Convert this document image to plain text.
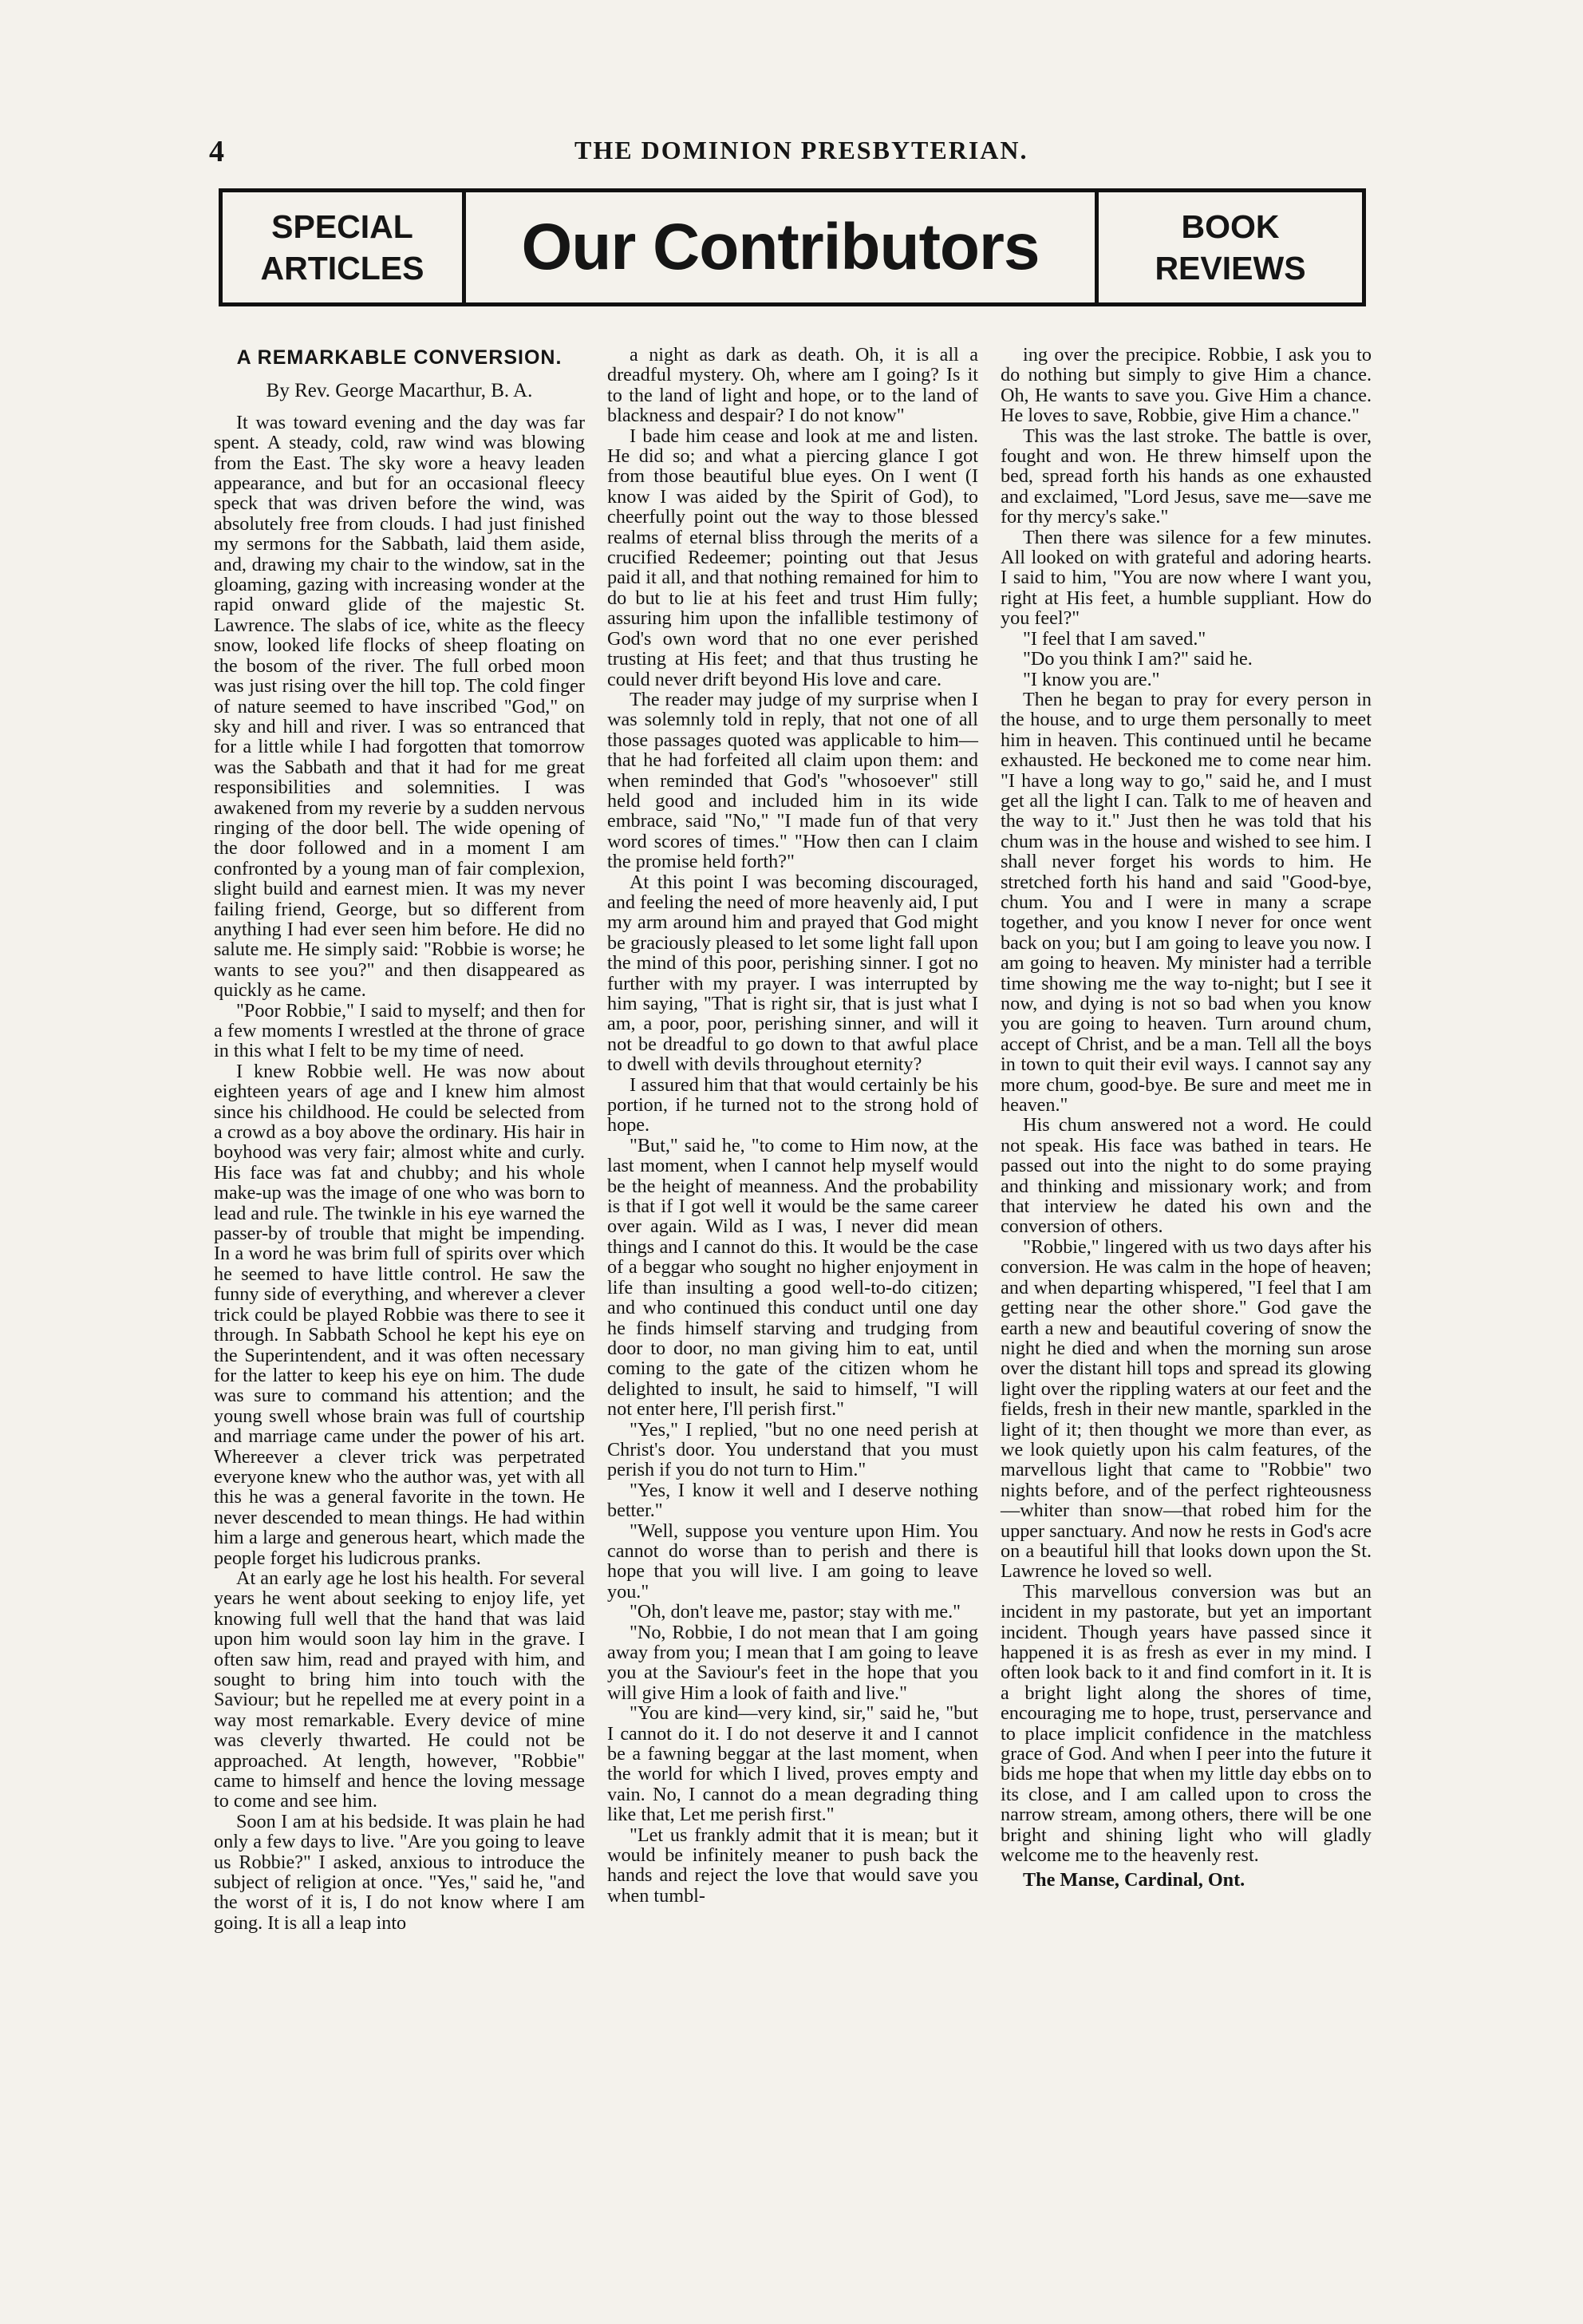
4	THE DOMINION PRESBYTERIAN.
SPECIAL
ARTICLES	Our Contributors	BOOK
REVIEWS
A REMARKABLE CONVERSION.
By Rev. George Macarthur, B. A.

It was toward evening and the day was far spent. A steady, cold, raw wind was blowing from the East. The sky wore a heavy leaden appearance, and but for an occasional fleecy speck that was driven before the wind, was absolutely free from clouds. I had just finished my sermons for the Sabbath, laid them aside, and, drawing my chair to the window, sat in the gloaming, gazing with increasing wonder at the rapid onward glide of the majestic St. Lawrence. The slabs of ice, white as the fleecy snow, looked life flocks of sheep floating on the bosom of the river. The full orbed moon was just rising over the hill top. The cold finger of nature seemed to have inscribed "God," on sky and hill and river. I was so entranced that for a little while I had forgotten that tomorrow was the Sabbath and that it had for me great responsibilities and solemnities. I was awakened from my reverie by a sudden nervous ringing of the door bell. The wide opening of the door followed and in a moment I am confronted by a young man of fair complexion, slight build and earnest mien. It was my never failing friend, George, but so different from anything I had ever seen him before. He did no salute me. He simply said: "Robbie is worse; he wants to see you?" and then disappeared as quickly as he came.

"Poor Robbie," I said to myself; and then for a few moments I wrestled at the throne of grace in this what I felt to be my time of need.

I knew Robbie well. He was now about eighteen years of age and I knew him almost since his childhood. He could be selected from a crowd as a boy above the ordinary. His hair in boyhood was very fair; almost white and curly. His face was fat and chubby; and his whole make-up was the image of one who was born to lead and rule. The twinkle in his eye warned the passer-by of trouble that might be impending. In a word he was brim full of spirits over which he seemed to have little control. He saw the funny side of everything, and wherever a clever trick could be played Robbie was there to see it through. In Sabbath School he kept his eye on the Superintendent, and it was often necessary for the latter to keep his eye on him. The dude was sure to command his attention; and the young swell whose brain was full of courtship and marriage came under the power of his art. Whereever a clever trick was perpetrated everyone knew who the author was, yet with all this he was a general favorite in the town. He never descended to mean things. He had within him a large and generous heart, which made the people forget his ludicrous pranks.

At an early age he lost his health. For several years he went about seeking to enjoy life, yet knowing full well that the hand that was laid upon him would soon lay him in the grave. I often saw him, read and prayed with him, and sought to bring him into touch with the Saviour; but he repelled me at every point in a way most remarkable. Every device of mine was cleverly thwarted. He could not be approached. At length, however, "Robbie" came to himself and hence the loving message to come and see him.

Soon I am at his bedside. It was plain he had only a few days to live. "Are you going to leave us Robbie?" I asked, anxious to introduce the subject of religion at once. "Yes," said he, "and the worst of it is, I do not know where I am going. It is all a leap into

a night as dark as death. Oh, it is all a dreadful mystery. Oh, where am I going? Is it to the land of light and hope, or to the land of blackness and despair? I do not know"

I bade him cease and look at me and listen. He did so; and what a piercing glance I got from those beautiful blue eyes. On I went (I know I was aided by the Spirit of God), to cheerfully point out the way to those blessed realms of eternal bliss through the merits of a crucified Redeemer; pointing out that Jesus paid it all, and that nothing remained for him to do but to lie at his feet and trust Him fully; assuring him upon the infallible testimony of God's own word that no one ever perished trusting at His feet; and that thus trusting he could never drift beyond His love and care.

The reader may judge of my surprise when I was solemnly told in reply, that not one of all those passages quoted was applicable to him—that he had forfeited all claim upon them: and when reminded that God's "whosoever" still held good and included him in its wide embrace, said "No," "I made fun of that very word scores of times." "How then can I claim the promise held forth?"

At this point I was becoming discouraged, and feeling the need of more heavenly aid, I put my arm around him and prayed that God might be graciously pleased to let some light fall upon the mind of this poor, perishing sinner. I got no further with my prayer. I was interrupted by him saying, "That is right sir, that is just what I am, a poor, poor, perishing sinner, and will it not be dreadful to go down to that awful place to dwell with devils throughout eternity?

I assured him that that would certainly be his portion, if he turned not to the strong hold of hope.

"But," said he, "to come to Him now, at the last moment, when I cannot help myself would be the height of meanness. And the probability is that if I got well it would be the same career over again. Wild as I was, I never did mean things and I cannot do this. It would be the case of a beggar who sought no higher enjoyment in life than insulting a good well-to-do citizen; and who continued this conduct until one day he finds himself starving and trudging from door to door, no man giving him to eat, until coming to the gate of the citizen whom he delighted to insult, he said to himself, "I will not enter here, I'll perish first."

"Yes," I replied, "but no one need perish at Christ's door. You understand that you must perish if you do not turn to Him."

"Yes, I know it well and I deserve nothing better."

"Well, suppose you venture upon Him. You cannot do worse than to perish and there is hope that you will live. I am going to leave you."

"Oh, don't leave me, pastor; stay with me."

"No, Robbie, I do not mean that I am going away from you; I mean that I am going to leave you at the Saviour's feet in the hope that you will give Him a look of faith and live."

"You are kind—very kind, sir," said he, "but I cannot do it. I do not deserve it and I cannot be a fawning beggar at the last moment, when the world for which I lived, proves empty and vain. No, I cannot do a mean degrading thing like that, Let me perish first."

"Let us frankly admit that it is mean; but it would be infinitely meaner to push back the hands and reject the love that would save you when tumbl-

ing over the precipice. Robbie, I ask you to do nothing but simply to give Him a chance. Oh, He wants to save you. Give Him a chance. He loves to save, Robbie, give Him a chance."

This was the last stroke. The battle is over, fought and won. He threw himself upon the bed, spread forth his hands as one exhausted and exclaimed, "Lord Jesus, save me—save me for thy mercy's sake."

Then there was silence for a few minutes. All looked on with grateful and adoring hearts. I said to him, "You are now where I want you, right at His feet, a humble suppliant. How do you feel?"

"I feel that I am saved."

"Do you think I am?" said he.

"I know you are."

Then he began to pray for every person in the house, and to urge them personally to meet him in heaven. This continued until he became exhausted. He beckoned me to come near him. "I have a long way to go," said he, and I must get all the light I can. Talk to me of heaven and the way to it." Just then he was told that his chum was in the house and wished to see him. I shall never forget his words to him. He stretched forth his hand and said "Good-bye, chum. You and I were in many a scrape together, and you know I never for once went back on you; but I am going to leave you now. I am going to heaven. My minister had a terrible time showing me the way to-night; but I see it now, and dying is not so bad when you know you are going to heaven. Turn around chum, accept of Christ, and be a man. Tell all the boys in town to quit their evil ways. I cannot say any more chum, good-bye. Be sure and meet me in heaven."

His chum answered not a word. He could not speak. His face was bathed in tears. He passed out into the night to do some praying and thinking and missionary work; and from that interview he dated his own and the conversion of others.

"Robbie," lingered with us two days after his conversion. He was calm in the hope of heaven; and when departing whispered, "I feel that I am getting near the other shore." God gave the earth a new and beautiful covering of snow the night he died and when the morning sun arose over the distant hill tops and spread its glowing light over the rippling waters at our feet and the fields, fresh in their new mantle, sparkled in the light of it; then thought we more than ever, as we look quietly upon his calm features, of the marvellous light that came to "Robbie" two nights before, and of the perfect righteousness—whiter than snow—that robed him for the upper sanctuary. And now he rests in God's acre on a beautiful hill that looks down upon the St. Lawrence he loved so well.

This marvellous conversion was but an incident in my pastorate, but yet an important incident. Though years have passed since it happened it is as fresh as ever in my mind. I often look back to it and find comfort in it. It is a bright light along the shores of time, encouraging me to hope, trust, perservance and to place implicit confidence in the matchless grace of God. And when I peer into the future it bids me hope that when my little day ebbs on to its close, and I am called upon to cross the narrow stream, among others, there will be one bright and shining light who will gladly welcome me to the heavenly rest.

The Manse, Cardinal, Ont.
